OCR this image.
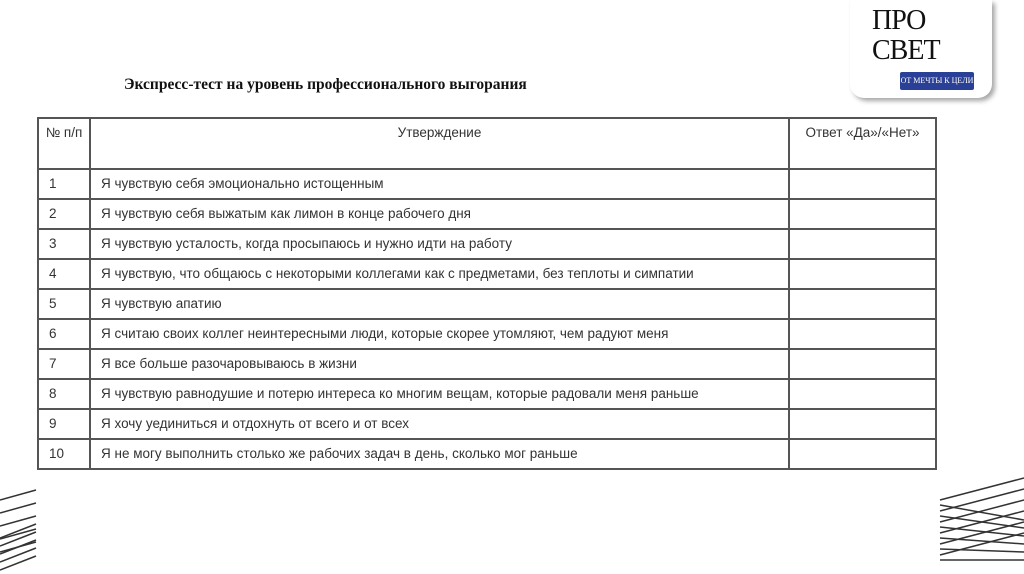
ПРО
СВЕТ
ОТ МЕЧТЫ К ЦЕЛИ
Экспресс-тест на уровень профессионального выгорания
№ п/п	Утверждение	Ответ «Да»/«Нет»
1	Я чувствую себя эмоционально истощенным	
2	Я чувствую себя выжатым как лимон в конце рабочего дня	
3	Я чувствую усталость, когда просыпаюсь и нужно идти на работу	
4	Я чувствую, что общаюсь с некоторыми коллегами как с предметами, без теплоты и симпатии	
5	Я чувствую апатию	
6	Я считаю своих коллег неинтересными люди, которые скорее утомляют, чем радуют меня	
7	Я все больше разочаровываюсь в жизни	
8	Я чувствую равнодушие и потерю интереса ко многим вещам, которые радовали меня раньше	
9	Я хочу уединиться и отдохнуть от всего и от всех	
10	Я не могу выполнить столько же рабочих задач в день, сколько мог раньше	
